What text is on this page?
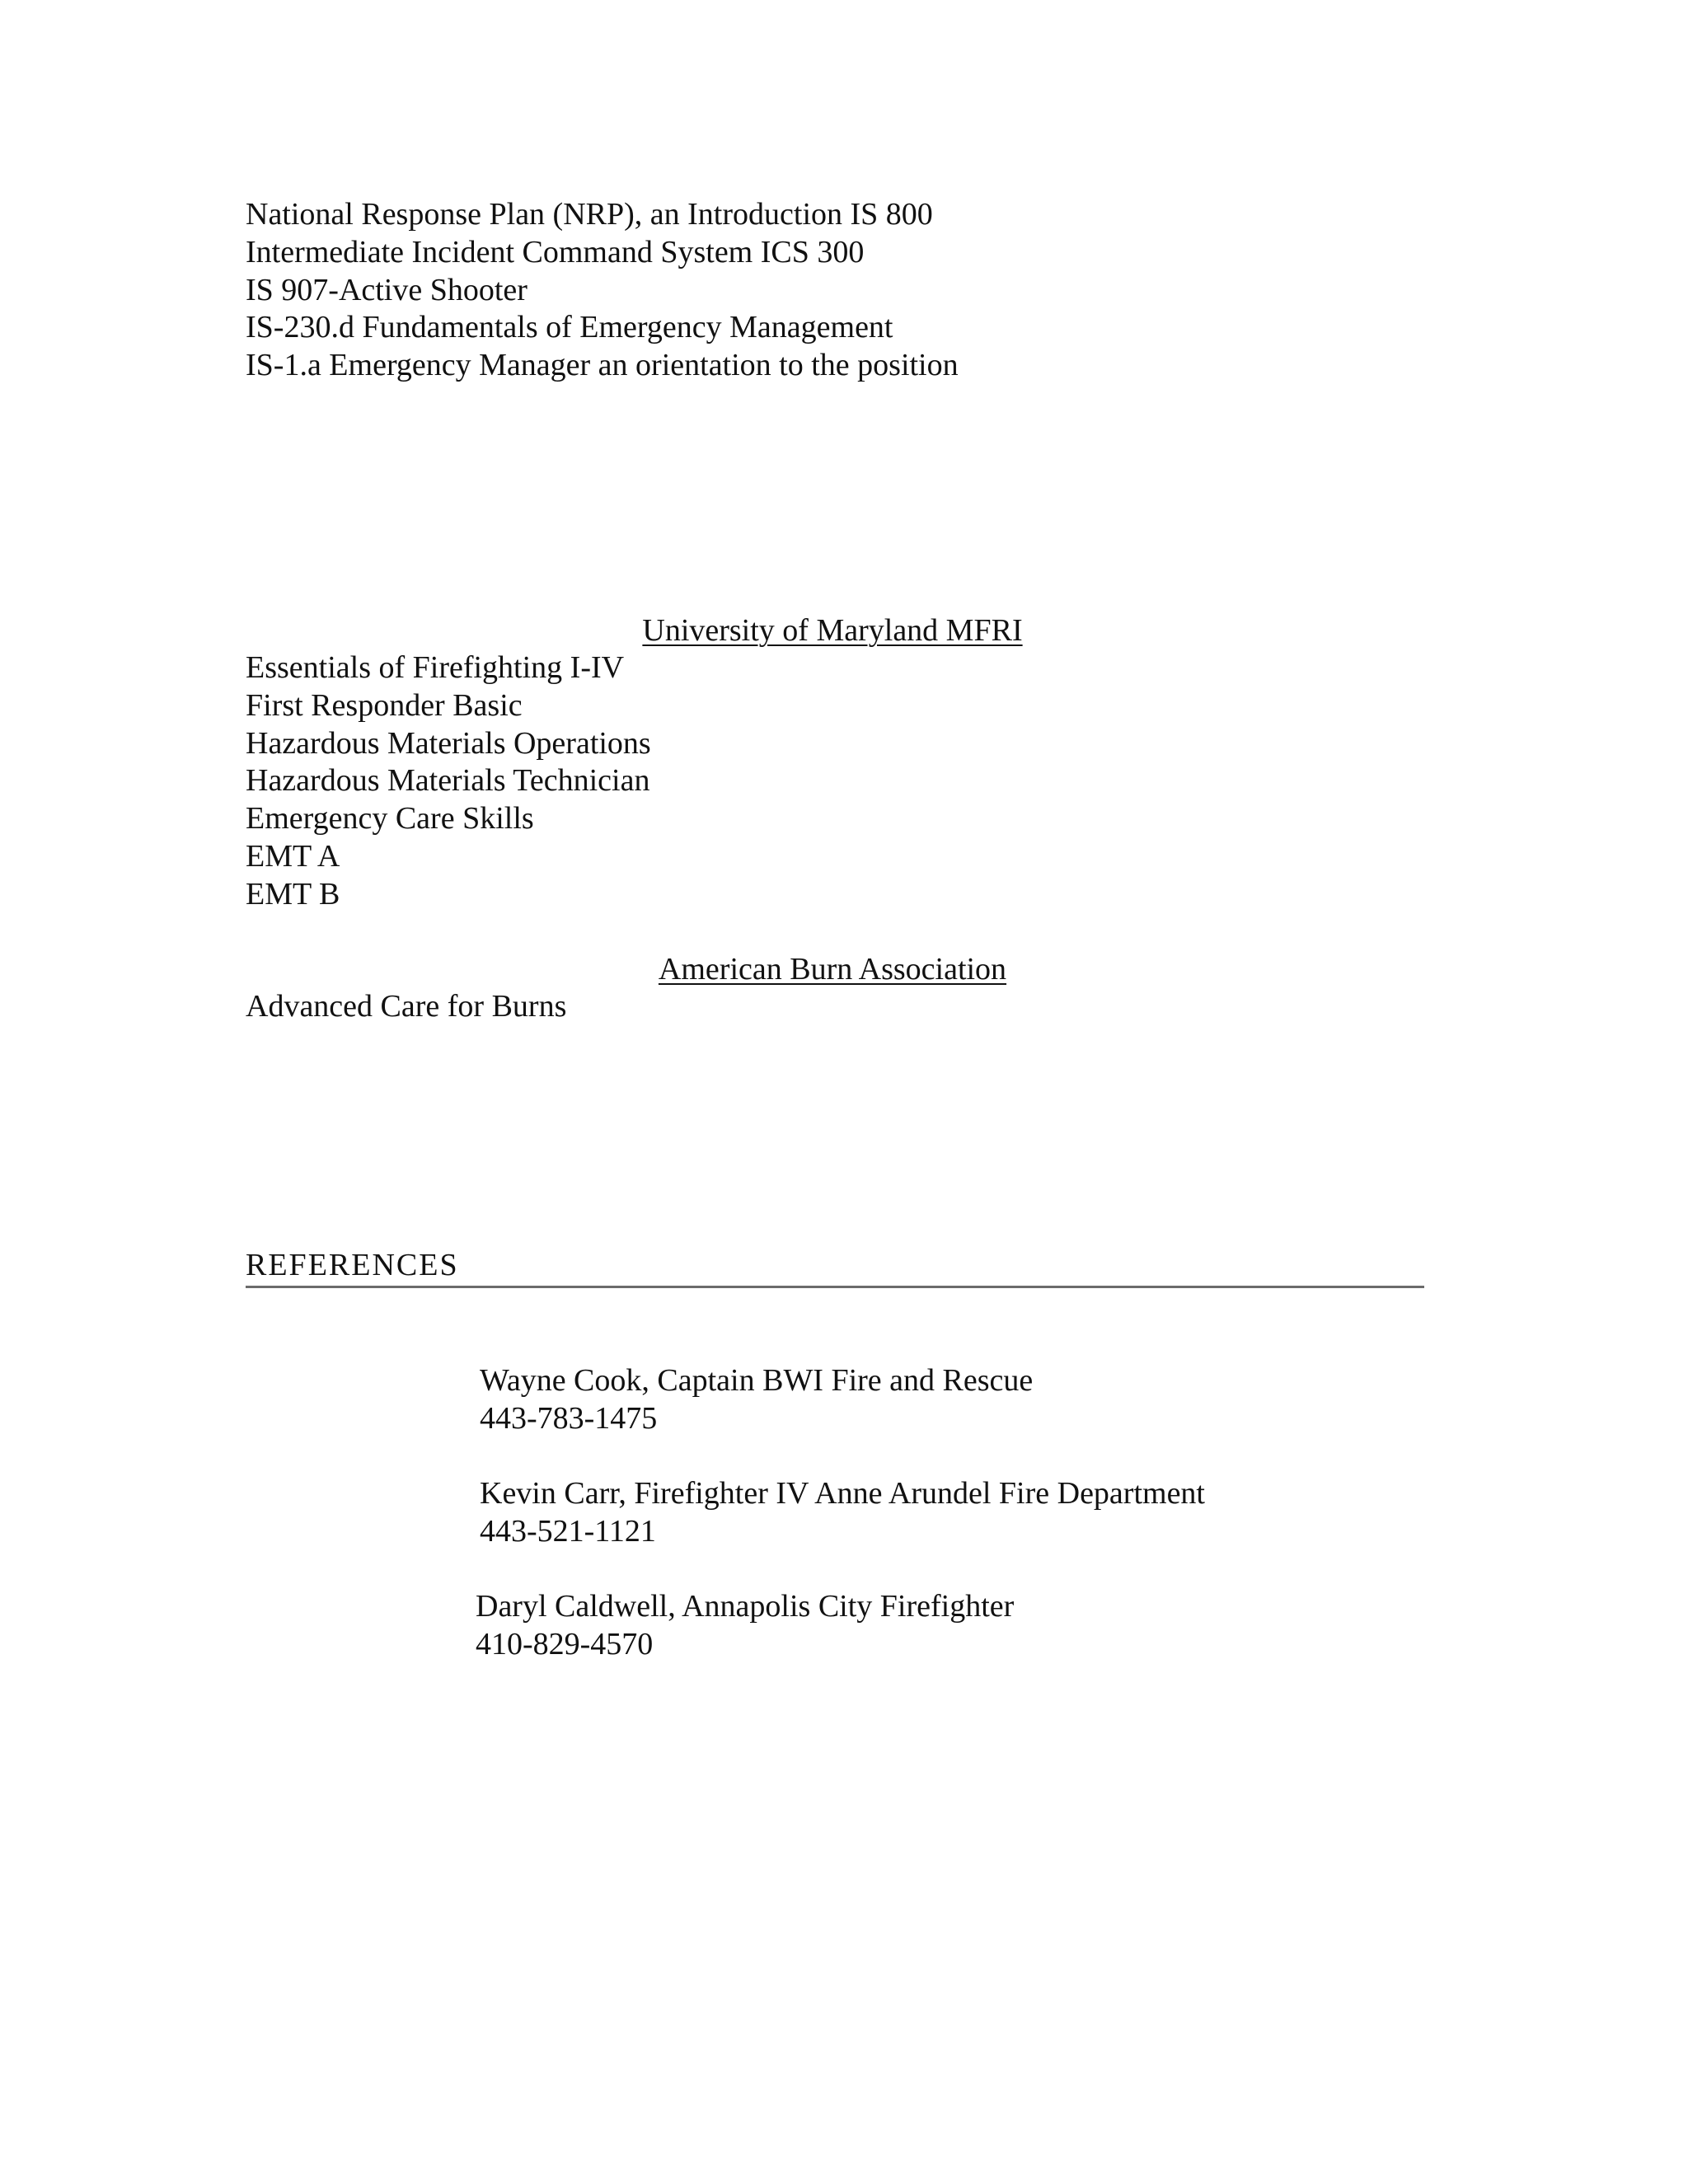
National Response Plan (NRP), an Introduction IS 800
Intermediate Incident Command System ICS 300
IS 907-Active Shooter
IS-230.d Fundamentals of Emergency Management
IS-1.a Emergency Manager an orientation to the position
University of Maryland MFRI
Essentials of Firefighting I-IV
First Responder Basic
Hazardous Materials Operations
Hazardous Materials Technician
Emergency Care Skills
EMT A
EMT B
American Burn Association
Advanced Care for Burns
REFERENCES
Wayne Cook, Captain BWI Fire and Rescue
443-783-1475
Kevin Carr, Firefighter IV Anne Arundel Fire Department
443-521-1121
Daryl Caldwell, Annapolis City Firefighter
410-829-4570
